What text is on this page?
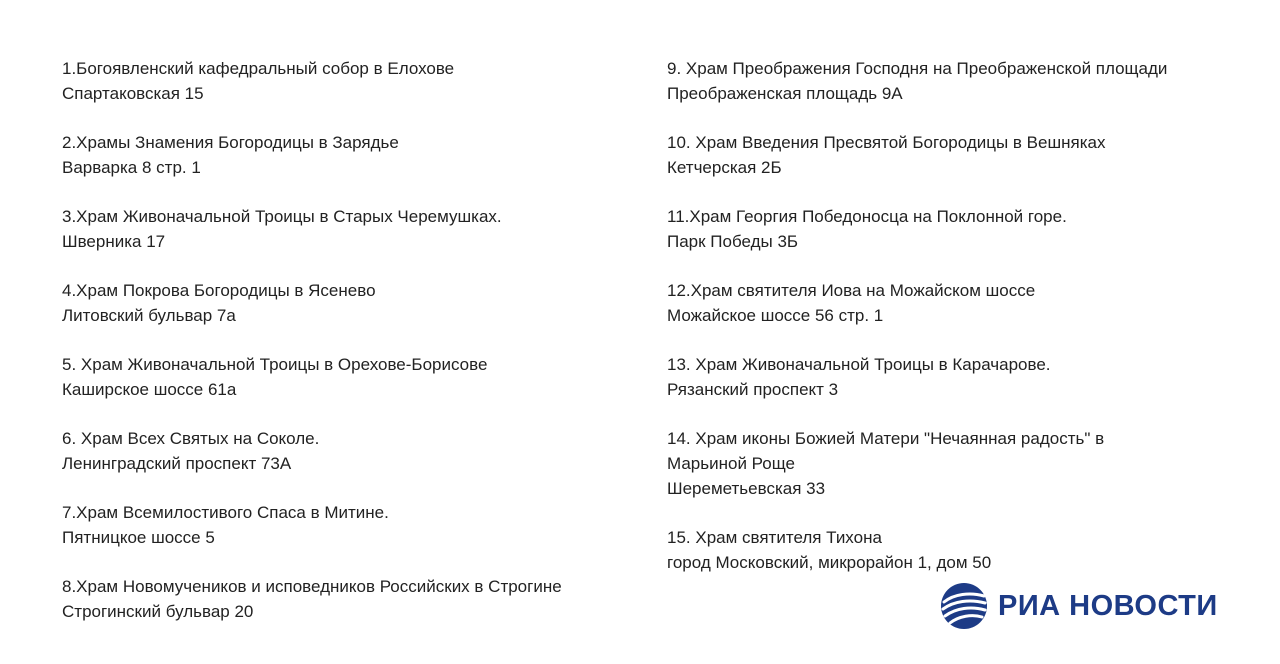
1.Богоявленский кафедральный собор в Елохове
Спартаковская 15
2.Храмы Знамения Богородицы в Зарядье
Варварка 8 стр. 1
3.Храм Живоначальной Троицы в Старых Черемушках.
Шверника 17
4.Храм Покрова Богородицы в Ясенево
Литовский бульвар 7а
5. Храм Живоначальной Троицы в Орехове-Борисове
Каширское шоссе 61а
6. Храм Всех Святых на Соколе.
Ленинградский проспект 73А
7.Храм Всемилостивого Спаса в Митине.
Пятницкое шоссе 5
8.Храм Новомучеников и исповедников Российских в Строгине
Строгинский бульвар 20
9. Храм Преображения Господня на Преображенской площади
Преображенская площадь 9А
10. Храм Введения Пресвятой Богородицы в Вешняках
Кетчерская 2Б
11.Храм Георгия Победоносца на Поклонной горе.
Парк Победы 3Б
12.Храм святителя Иова на Можайском шоссе
Можайское шоссе 56 стр. 1
13. Храм Живоначальной Троицы в Карачарове.
Рязанский проспект 3
14. Храм иконы Божией Матери "Нечаянная радость" в
Марьиной Роще
Шереметьевская 33
15. Храм святителя Тихона
город Московский, микрорайон 1, дом 50
РИА НОВОСТИ
